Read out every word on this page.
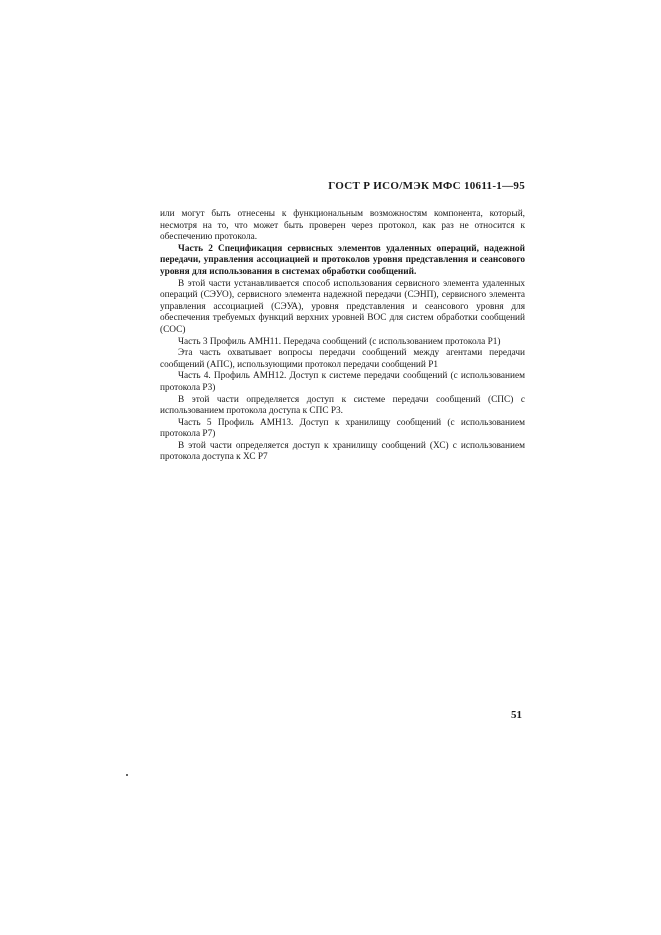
ГОСТ Р ИСО/МЭК МФС 10611-1—95

или могут быть отнесены к функциональным возможностям компонента, который, несмотря на то, что может быть проверен через протокол, как раз не относится к обеспечению протокола.

Часть 2 Спецификация сервисных элементов удаленных операций, надежной передачи, управления ассоциацией и протоколов уровня представления и сеансового уровня для использования в системах обработки сообщений.

В этой части устанавливается способ использования сервисного элемента удаленных операций (СЭУО), сервисного элемента надежной передачи (СЭНП), сервисного элемента управления ассоциацией (СЭУА), уровня представления и сеансового уровня для обеспечения требуемых функций верхних уровней ВОС для систем обработки сообщений (СОС)

Часть 3 Профиль АМН11. Передача сообщений (с использованием протокола Р1)

Эта часть охватывает вопросы передачи сообщений между агентами передачи сообщений (АПС), использующими протокол передачи сообщений Р1

Часть 4. Профиль АМН12. Доступ к системе передачи сообщений (с использованием протокола Р3)

В этой части определяется доступ к системе передачи сообщений (СПС) с использованием протокола доступа к СПС Р3.

Часть 5 Профиль АМН13. Доступ к хранилищу сообщений (с использованием протокола Р7)

В этой части определяется доступ к хранилищу сообщений (ХС) с использованием протокола доступа к ХС Р7

51
